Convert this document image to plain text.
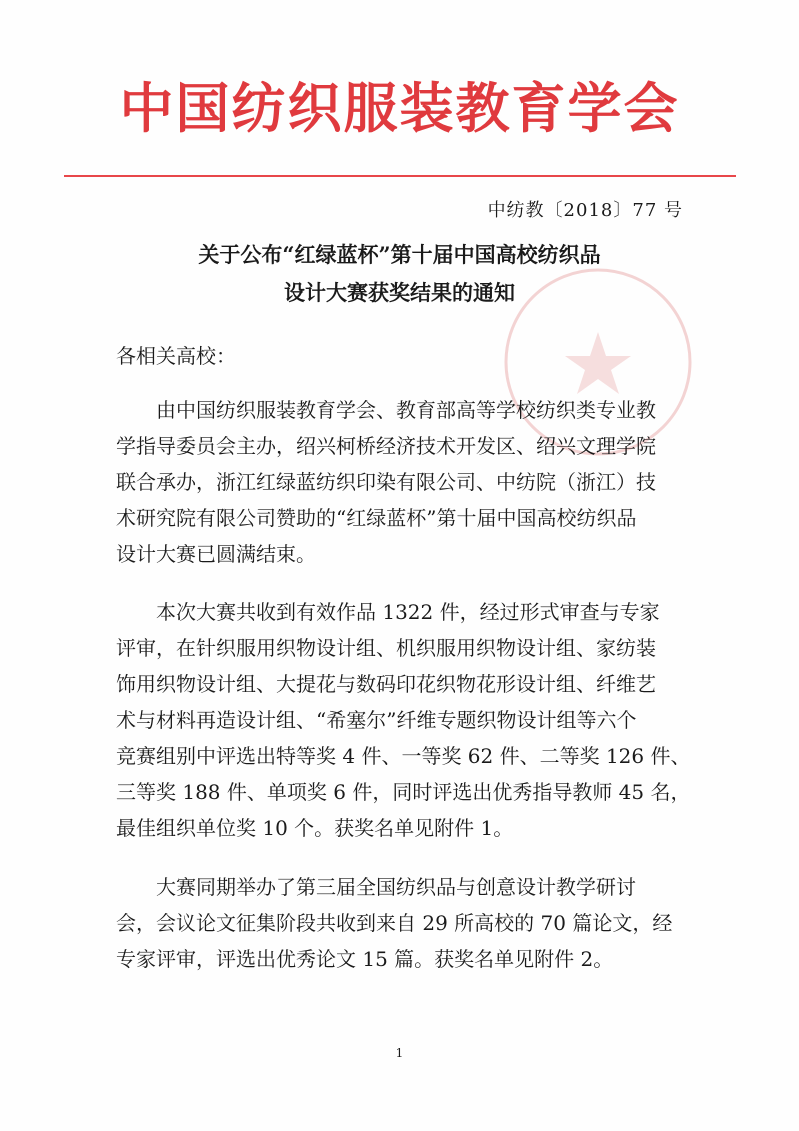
中国纺织服装教育学会
中纺教〔2018〕77 号
关于公布“红绿蓝杯”第十届中国高校纺织品
设计大赛获奖结果的通知
各相关高校：
由中国纺织服装教育学会、教育部高等学校纺织类专业教
学指导委员会主办，绍兴柯桥经济技术开发区、绍兴文理学院
联合承办，浙江红绿蓝纺织印染有限公司、中纺院（浙江）技
术研究院有限公司赞助的“红绿蓝杯”第十届中国高校纺织品
设计大赛已圆满结束。
本次大赛共收到有效作品 1322 件，经过形式审查与专家
评审，在针织服用织物设计组、机织服用织物设计组、家纺装
饰用织物设计组、大提花与数码印花织物花形设计组、纤维艺
术与材料再造设计组、“希塞尔”纤维专题织物设计组等六个
竞赛组别中评选出特等奖 4 件、一等奖 62 件、二等奖 126 件、
三等奖 188 件、单项奖 6 件，同时评选出优秀指导教师 45 名，
最佳组织单位奖 10 个。获奖名单见附件 1。
大赛同期举办了第三届全国纺织品与创意设计教学研讨
会，会议论文征集阶段共收到来自 29 所高校的 70 篇论文，经
专家评审，评选出优秀论文 15 篇。获奖名单见附件 2。
1
